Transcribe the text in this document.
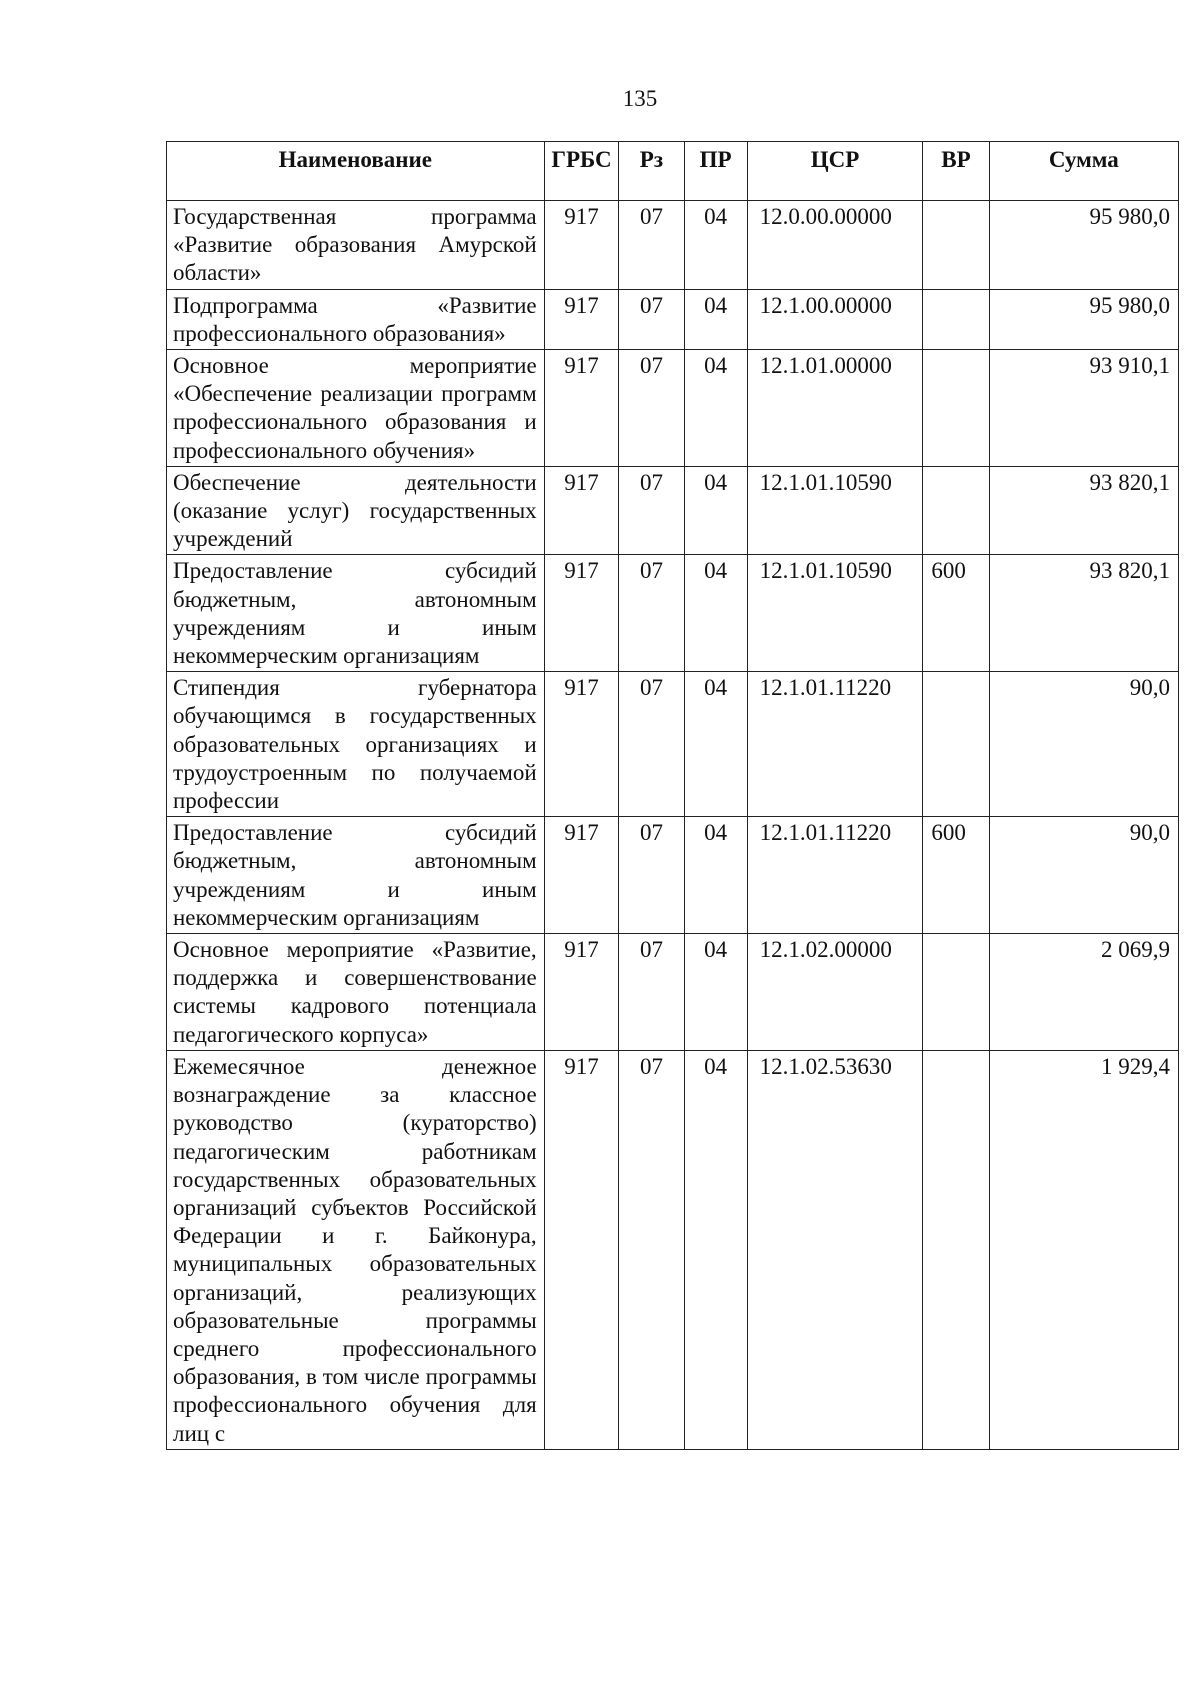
135
Наименование	ГРБС	Рз	ПР	ЦСР	ВР	Сумма
Государственная программа «Развитие образования Амурской области»	917	07	04	12.0.00.00000		95 980,0
Подпрограмма «Развитие профессионального образования»	917	07	04	12.1.00.00000		95 980,0
Основное мероприятие «Обеспечение реализации программ профессионального образования и профессионального обучения»	917	07	04	12.1.01.00000		93 910,1
Обеспечение деятельности (оказание услуг) государственных учреждений	917	07	04	12.1.01.10590		93 820,1
Предоставление субсидий бюджетным, автономным учреждениям и иным некоммерческим организациям	917	07	04	12.1.01.10590	600	93 820,1
Стипендия губернатора обучающимся в государственных образовательных организациях и трудоустроенным по получаемой профессии	917	07	04	12.1.01.11220		90,0
Предоставление субсидий бюджетным, автономным учреждениям и иным некоммерческим организациям	917	07	04	12.1.01.11220	600	90,0
Основное мероприятие «Развитие, поддержка и совершенствование системы кадрового потенциала педагогического корпуса»	917	07	04	12.1.02.00000		2 069,9
Ежемесячное денежное вознаграждение за классное руководство (кураторство) педагогическим работникам государственных образовательных организаций субъектов Российской Федерации и г. Байконура, муниципальных образовательных организаций, реализующих образовательные программы среднего профессионального образования, в том числе программы профессионального обучения для лиц с	917	07	04	12.1.02.53630		1 929,4
